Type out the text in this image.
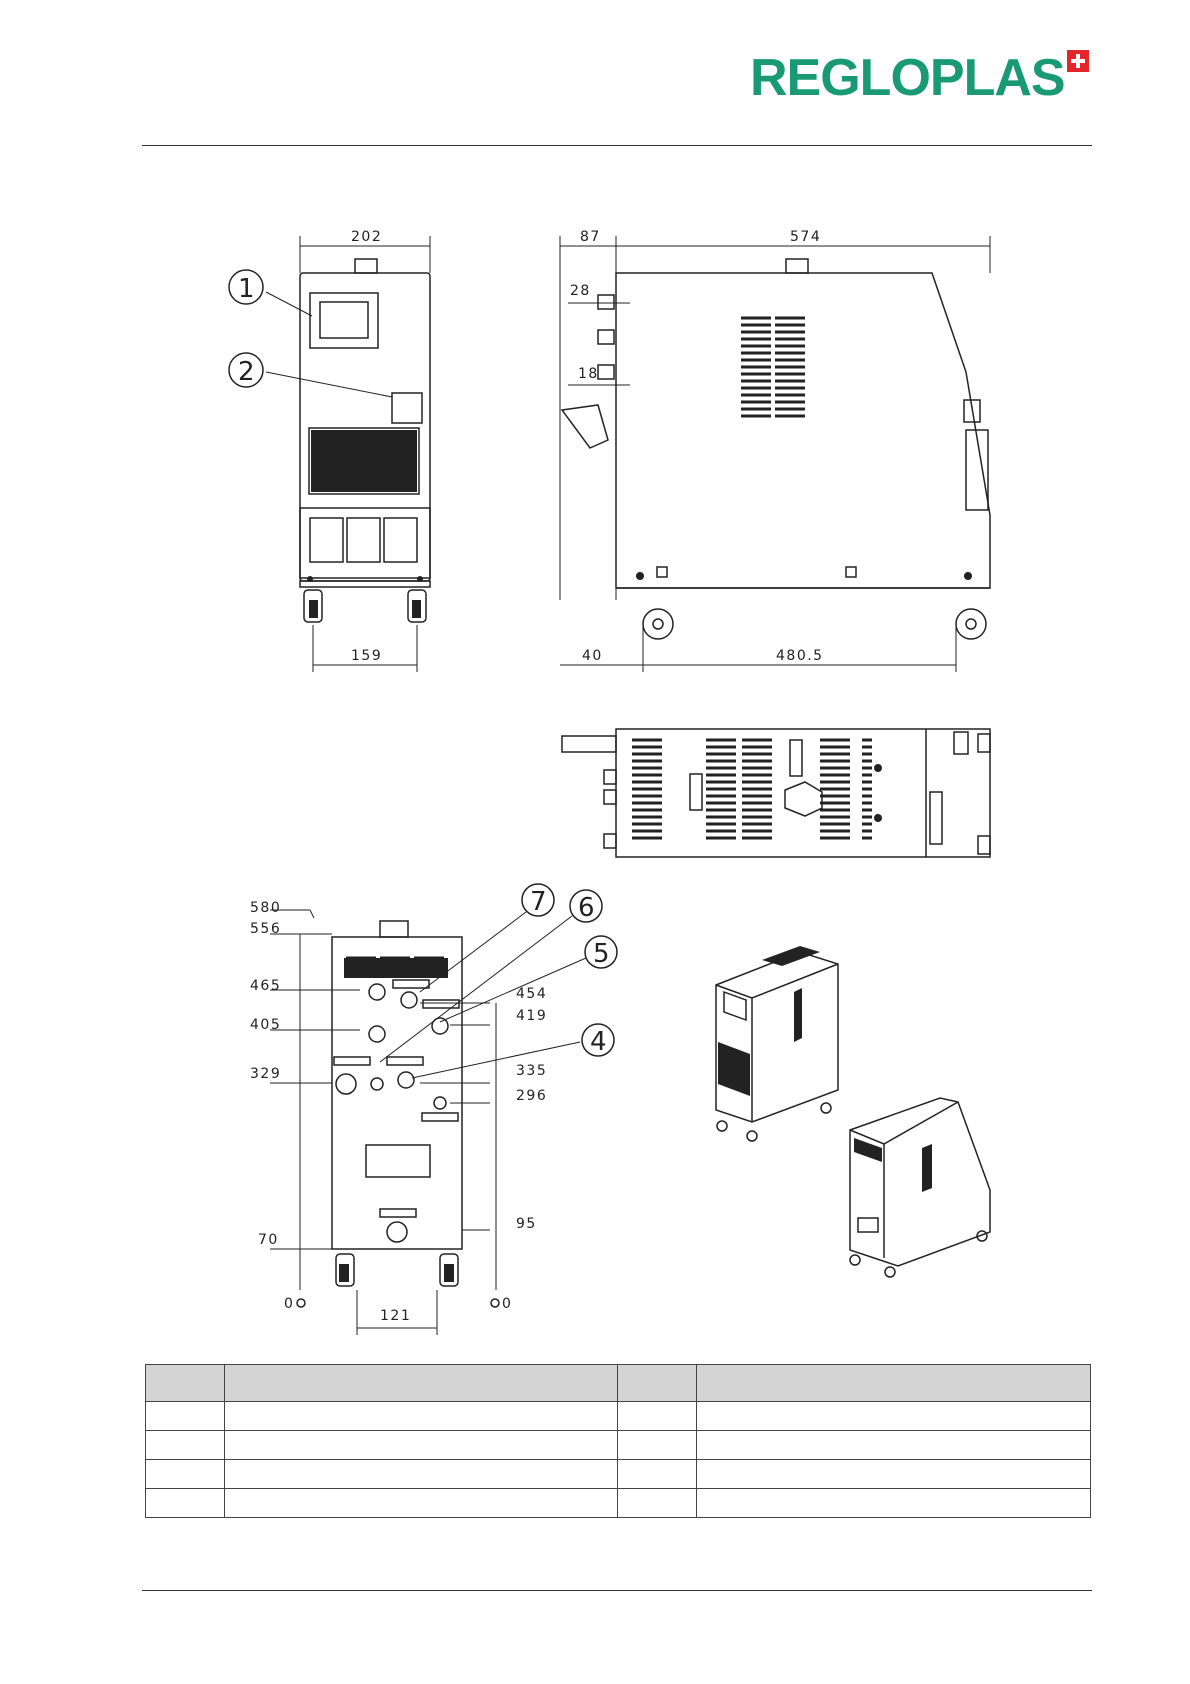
REGLOPLAS
202
159
87	574
28
18
40	480.5
580
556
465
405
329
70
454
419
335
296
95
0	0
121
1
2
4
5
6
7
